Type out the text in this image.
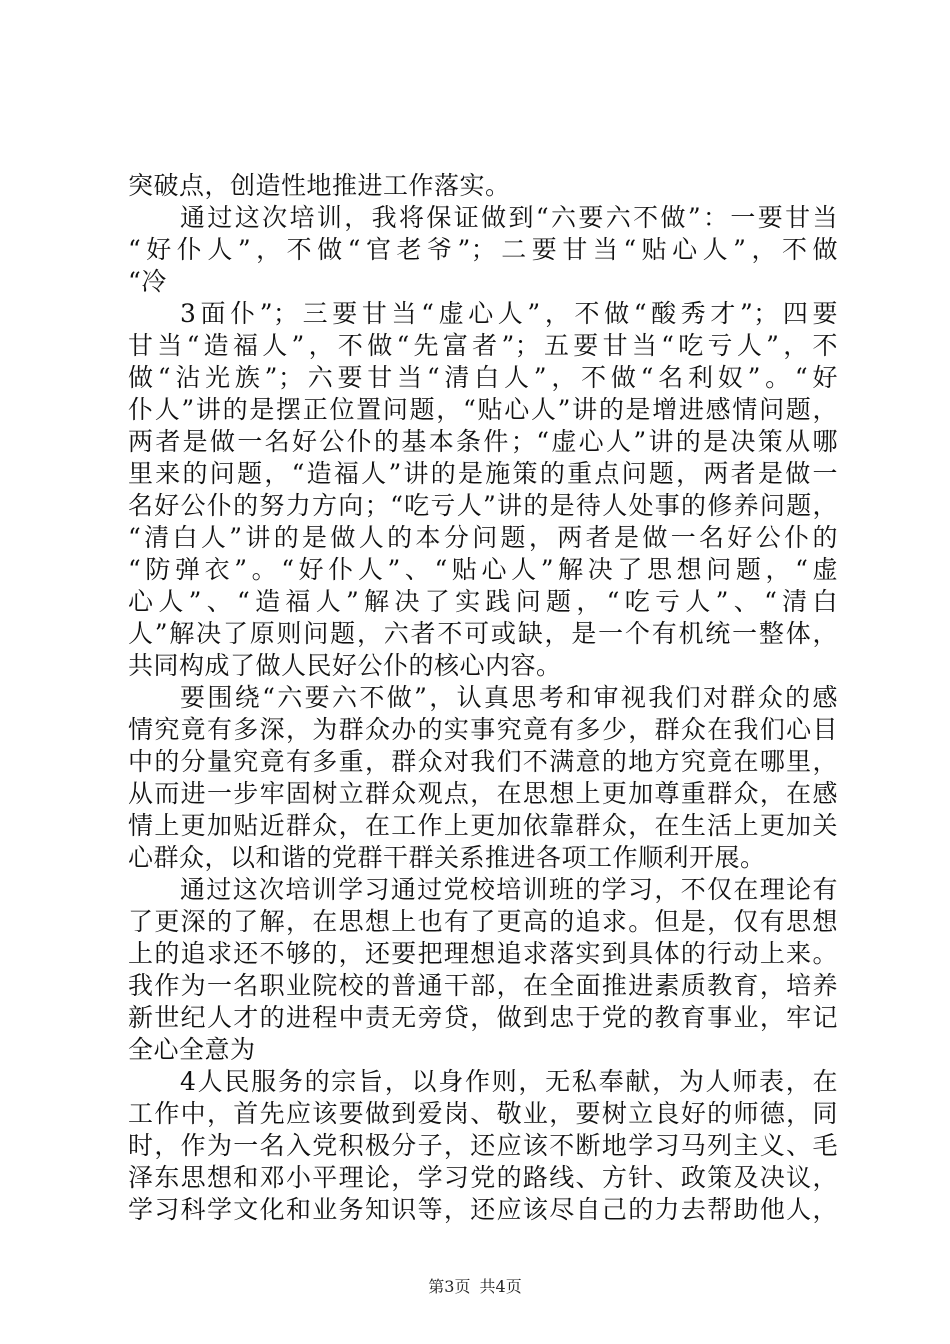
突破点，创造性地推进工作落实。
通过这次培训，我将保证做到“六要六不做”：一要甘当
“好仆人”，不做“官老爷”；二要甘当“贴心人”，不做
“冷
3面仆”；三要甘当“虚心人”，不做“酸秀才”；四要
甘当“造福人”，不做“先富者”；五要甘当“吃亏人”，不
做“沾光族”；六要甘当“清白人”，不做“名利奴”。“好
仆人”讲的是摆正位置问题，“贴心人”讲的是增进感情问题，
两者是做一名好公仆的基本条件；“虚心人”讲的是决策从哪
里来的问题，“造福人”讲的是施策的重点问题，两者是做一
名好公仆的努力方向；“吃亏人”讲的是待人处事的修养问题，
“清白人”讲的是做人的本分问题，两者是做一名好公仆的
“防弹衣”。“好仆人”、“贴心人”解决了思想问题，“虚
心人”、“造福人”解决了实践问题，“吃亏人”、“清白
人”解决了原则问题，六者不可或缺，是一个有机统一整体，
共同构成了做人民好公仆的核心内容。
要围绕“六要六不做”，认真思考和审视我们对群众的感
情究竟有多深，为群众办的实事究竟有多少，群众在我们心目
中的分量究竟有多重，群众对我们不满意的地方究竟在哪里，
从而进一步牢固树立群众观点，在思想上更加尊重群众，在感
情上更加贴近群众，在工作上更加依靠群众，在生活上更加关
心群众，以和谐的党群干群关系推进各项工作顺利开展。
通过这次培训学习通过党校培训班的学习，不仅在理论有
了更深的了解，在思想上也有了更高的追求。但是，仅有思想
上的追求还不够的，还要把理想追求落实到具体的行动上来。
我作为一名职业院校的普通干部，在全面推进素质教育，培养
新世纪人才的进程中责无旁贷，做到忠于党的教育事业，牢记
全心全意为
4人民服务的宗旨，以身作则，无私奉献，为人师表，在
工作中，首先应该要做到爱岗、敬业，要树立良好的师德，同
时，作为一名入党积极分子，还应该不断地学习马列主义、毛
泽东思想和邓小平理论，学习党的路线、方针、政策及决议，
学习科学文化和业务知识等，还应该尽自己的力去帮助他人，
第3页 共4页
